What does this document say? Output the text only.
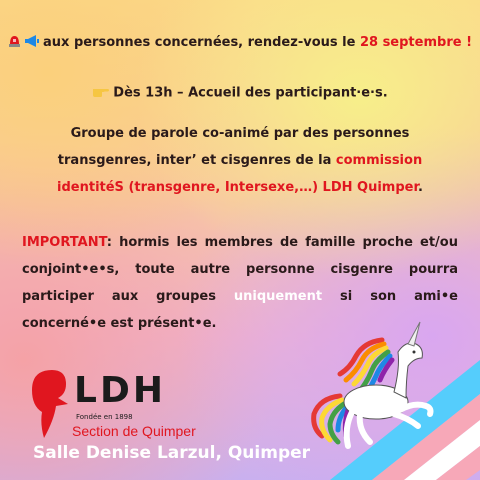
aux personnes concernées, rendez-vous le 28 septembre !
Dès 13h – Accueil des participant·e·s.

Groupe de parole co-animé par des personnes transgenres, inter’ et cisgenres de la commission identitéS (transgenre, Intersexe,…) LDH Quimper.

IMPORTANT: hormis les membres de famille proche et/ou conjoint•e•s, toute autre personne cisgenre pourra participer aux groupes uniquement si son ami•e concerné•e est présent•e.

LDH
Fondée en 1898
Section de Quimper
Salle Denise Larzul, Quimper
